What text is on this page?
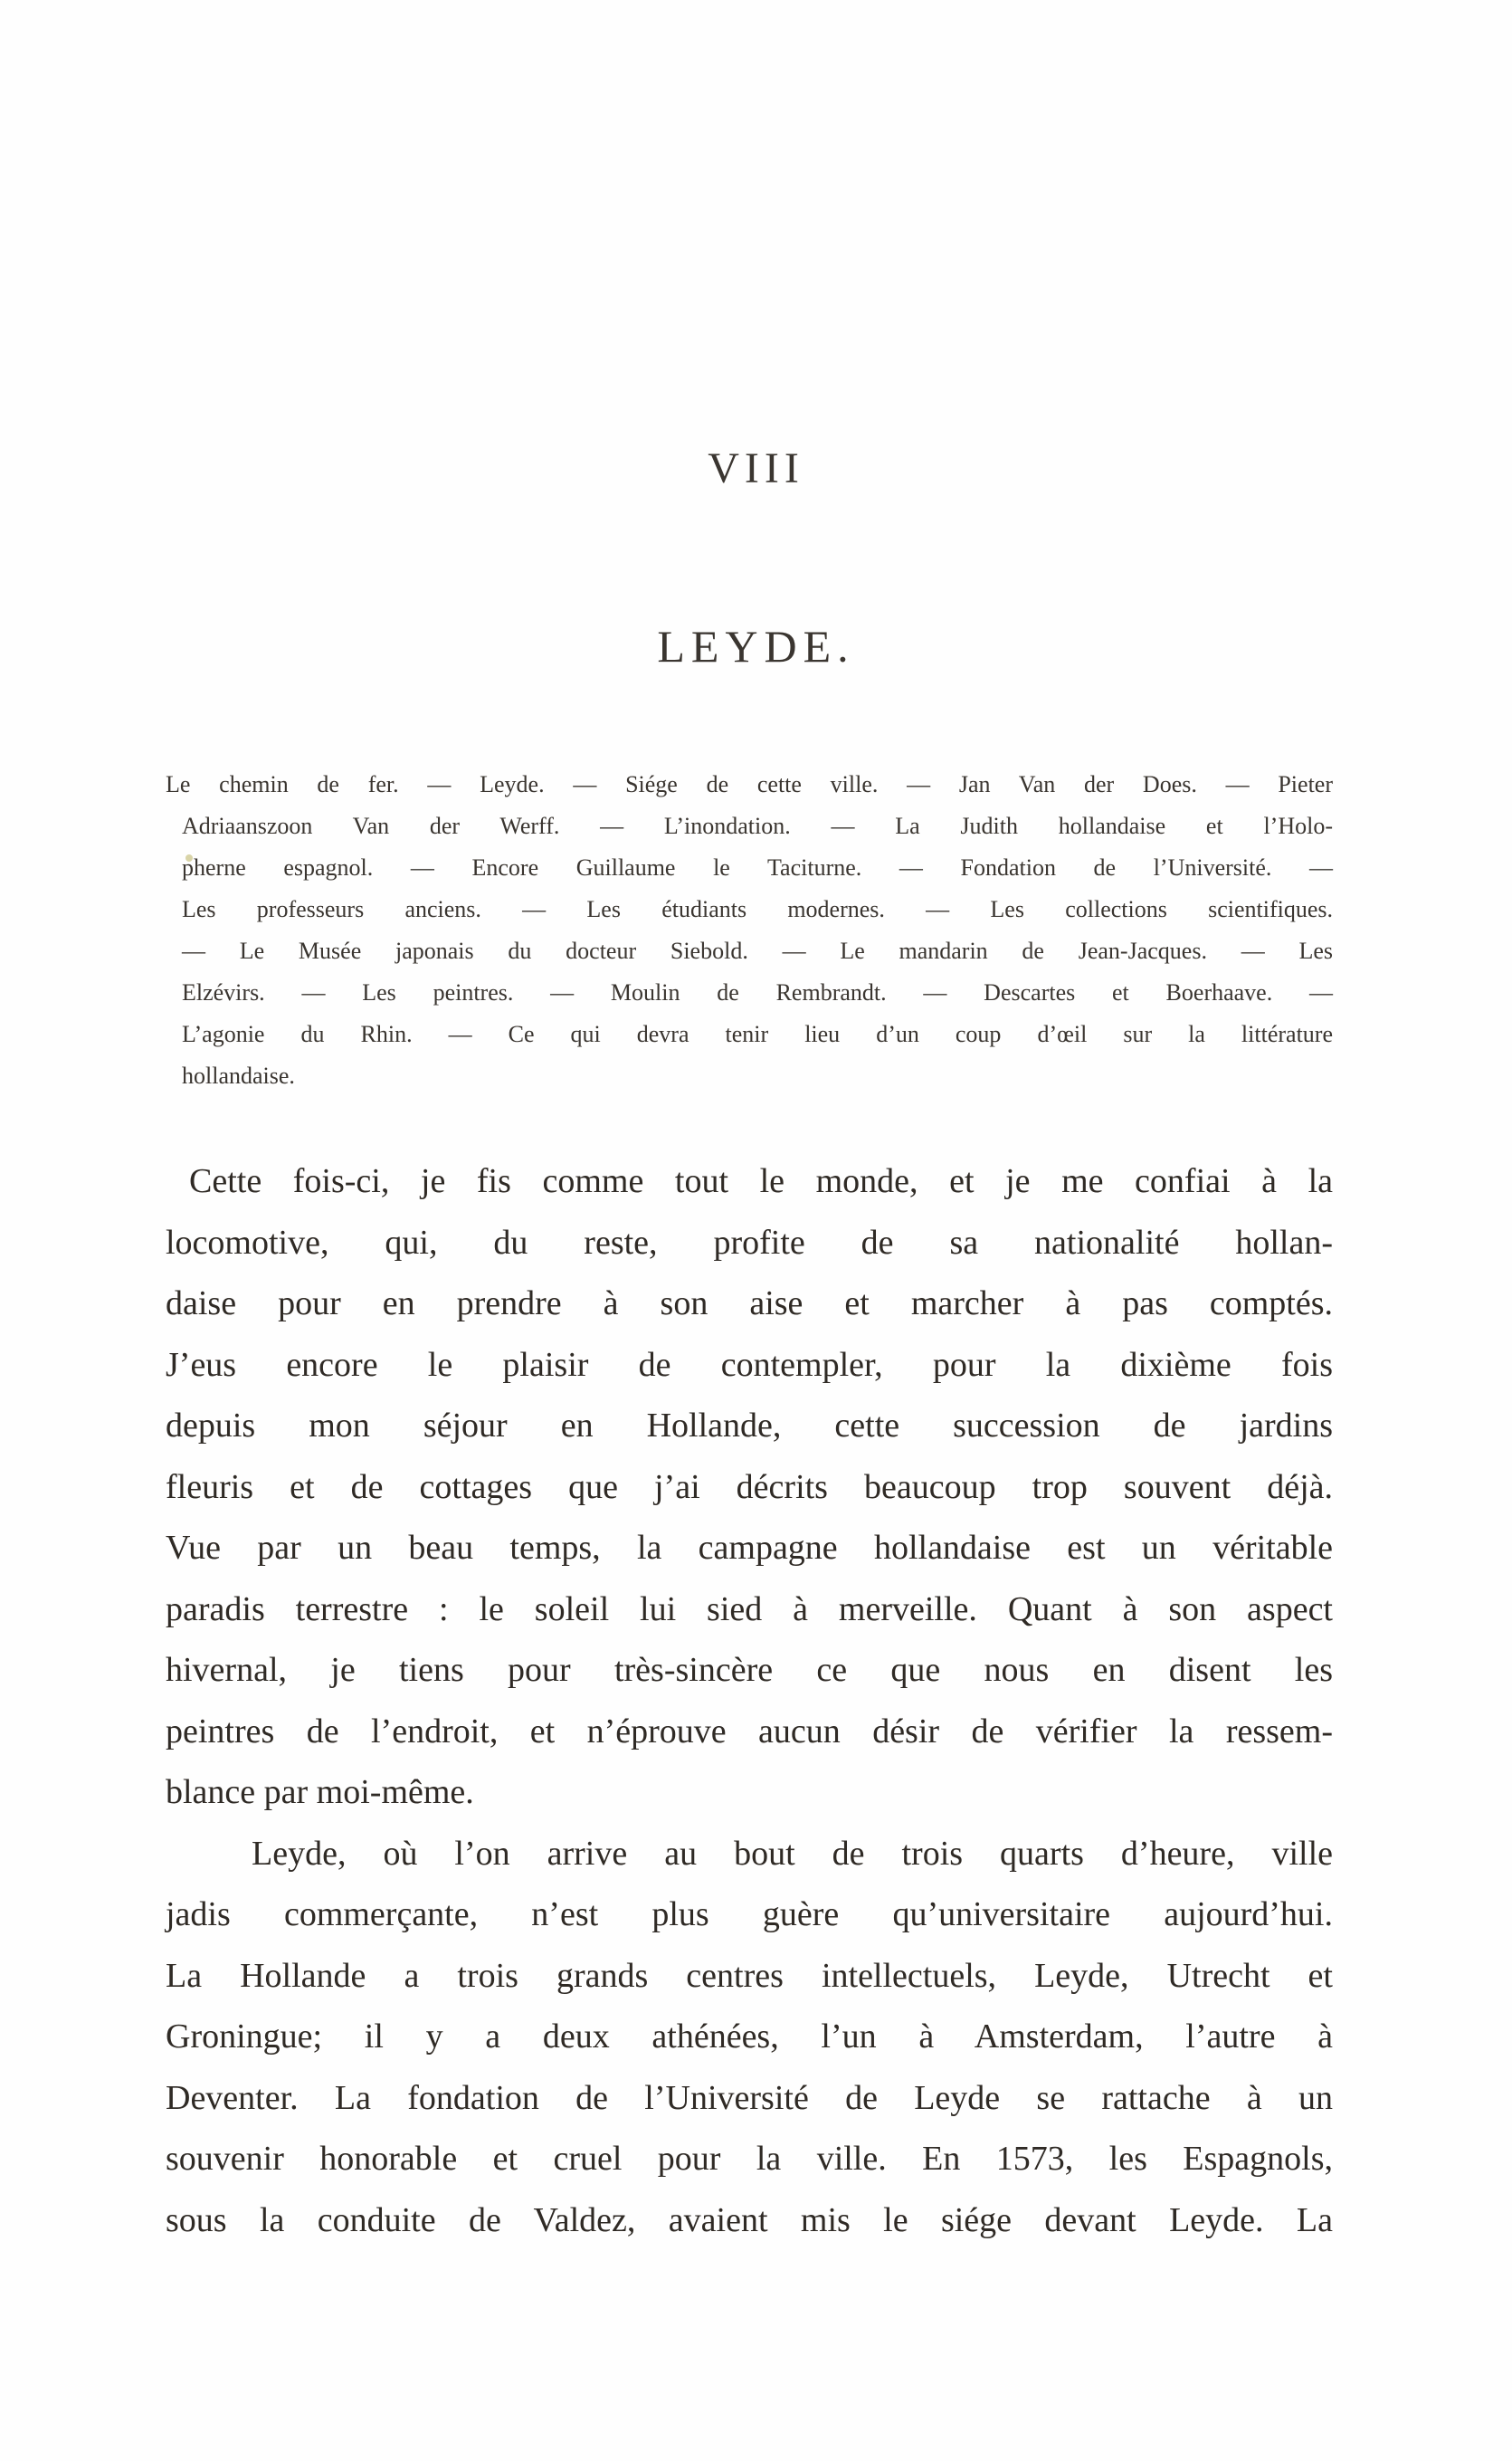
VIII
LEYDE.
Le chemin de fer. — Leyde. — Siége de cette ville. — Jan Van der Does. — Pieter
Adriaanszoon Van der Werff. — L’inondation. — La Judith hollandaise et l’Holo-
pherne espagnol. — Encore Guillaume le Taciturne. — Fondation de l’Université. —
Les professeurs anciens. — Les étudiants modernes. — Les collections scientifiques.
— Le Musée japonais du docteur Siebold. — Le mandarin de Jean-Jacques. — Les
Elzévirs. — Les peintres. — Moulin de Rembrandt. — Descartes et Boerhaave. —
L’agonie du Rhin. — Ce qui devra tenir lieu d’un coup d’œil sur la littérature
hollandaise.
Cette fois-ci, je fis comme tout le monde, et je me confiai à la
locomotive, qui, du reste, profite de sa nationalité hollan-
daise pour en prendre à son aise et marcher à pas comptés.
J’eus encore le plaisir de contempler, pour la dixième fois
depuis mon séjour en Hollande, cette succession de jardins
fleuris et de cottages que j’ai décrits beaucoup trop souvent déjà.
Vue par un beau temps, la campagne hollandaise est un véritable
paradis terrestre : le soleil lui sied à merveille. Quant à son aspect
hivernal, je tiens pour très-sincère ce que nous en disent les
peintres de l’endroit, et n’éprouve aucun désir de vérifier la ressem-
blance par moi-même.
Leyde, où l’on arrive au bout de trois quarts d’heure, ville
jadis commerçante, n’est plus guère qu’universitaire aujourd’hui.
La Hollande a trois grands centres intellectuels, Leyde, Utrecht et
Groningue; il y a deux athénées, l’un à Amsterdam, l’autre à
Deventer. La fondation de l’Université de Leyde se rattache à un
souvenir honorable et cruel pour la ville. En 1573, les Espagnols,
sous la conduite de Valdez, avaient mis le siége devant Leyde. La
